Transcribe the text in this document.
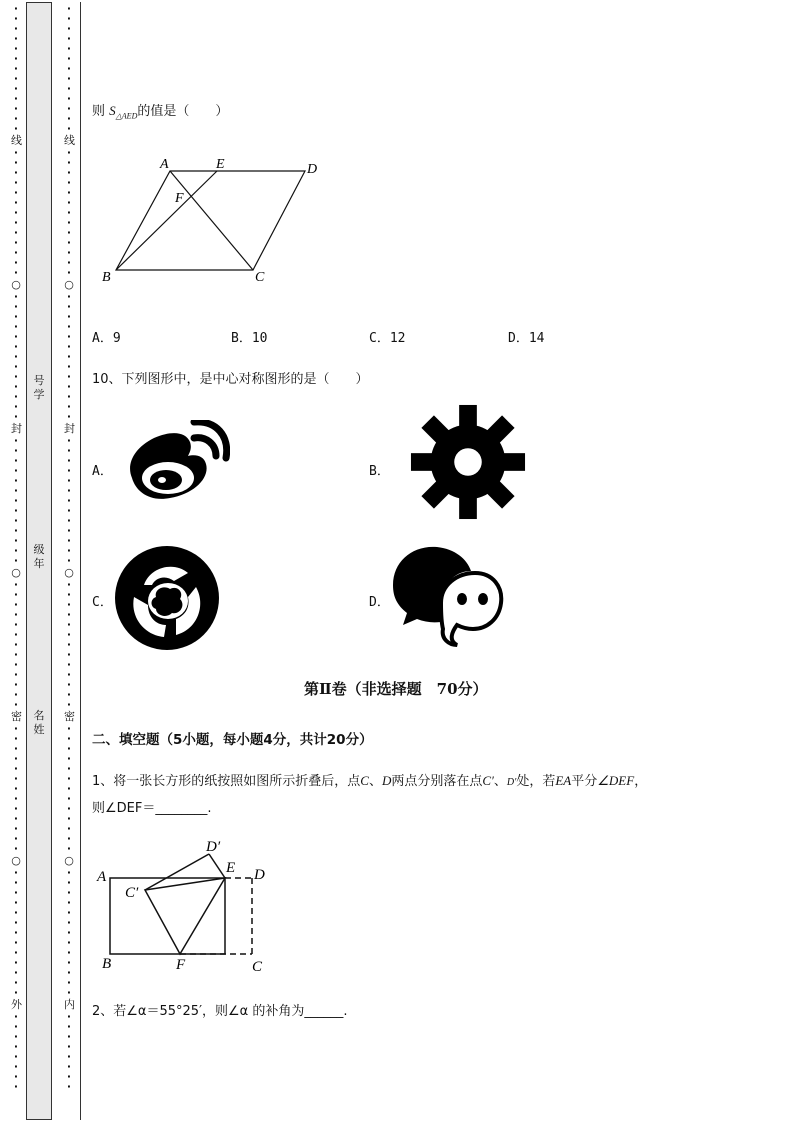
·
·
·
·
·
·
·
·
·
·
·
·
·
线
·
·
·
·
·
·
·
·
·
·
·
·
·
○
·
·
·
·
·
·
·
·
·
·
·
·
·
封
·
·
·
·
·
·
·
·
·
·
·
·
·
○
·
·
·
·
·
·
·
·
·
·
·
·
·
密
·
·
·
·
·
·
·
·
·
·
·
·
·
○
·
·
·
·
·
·
·
·
·
·
·
·
·
外
·
·
·
·
·
·
·
·
·
·
·
·
·
·
·
·
·
·
·
·
·
线
·
·
·
·
·
·
·
·
·
·
·
·
·
○
·
·
·
·
·
·
·
·
·
·
·
·
·
封
·
·
·
·
·
·
·
·
·
·
·
·
·
○
·
·
·
·
·
·
·
·
·
·
·
·
·
密
·
·
·
·
·
·
·
·
·
·
·
·
·
○
·
·
·
·
·
·
·
·
·
·
·
·
·
内
·
·
·
·
·
·
·
·
号学
级年
名姓
则 $S_{\triangle AED}$的值是（　　）
A	E	D
F
B	C
A．9	B．10	C．12	D．14
10、下列图形中，是中心对称图形的是（　　）
A．	B．
C．	D．
第Ⅱ卷（非选择题　70分）
二、填空题（5小题，每小题4分，共计20分）
1、将一张长方形的纸按照如图所示折叠后，点C、D两点分别落在点C′、D′处，若EA平分∠DEF，
则∠DEF＝________.
D′
A
E D
C′
B	F	C
2、若∠α＝55°25′，则∠α 的补角为______.
